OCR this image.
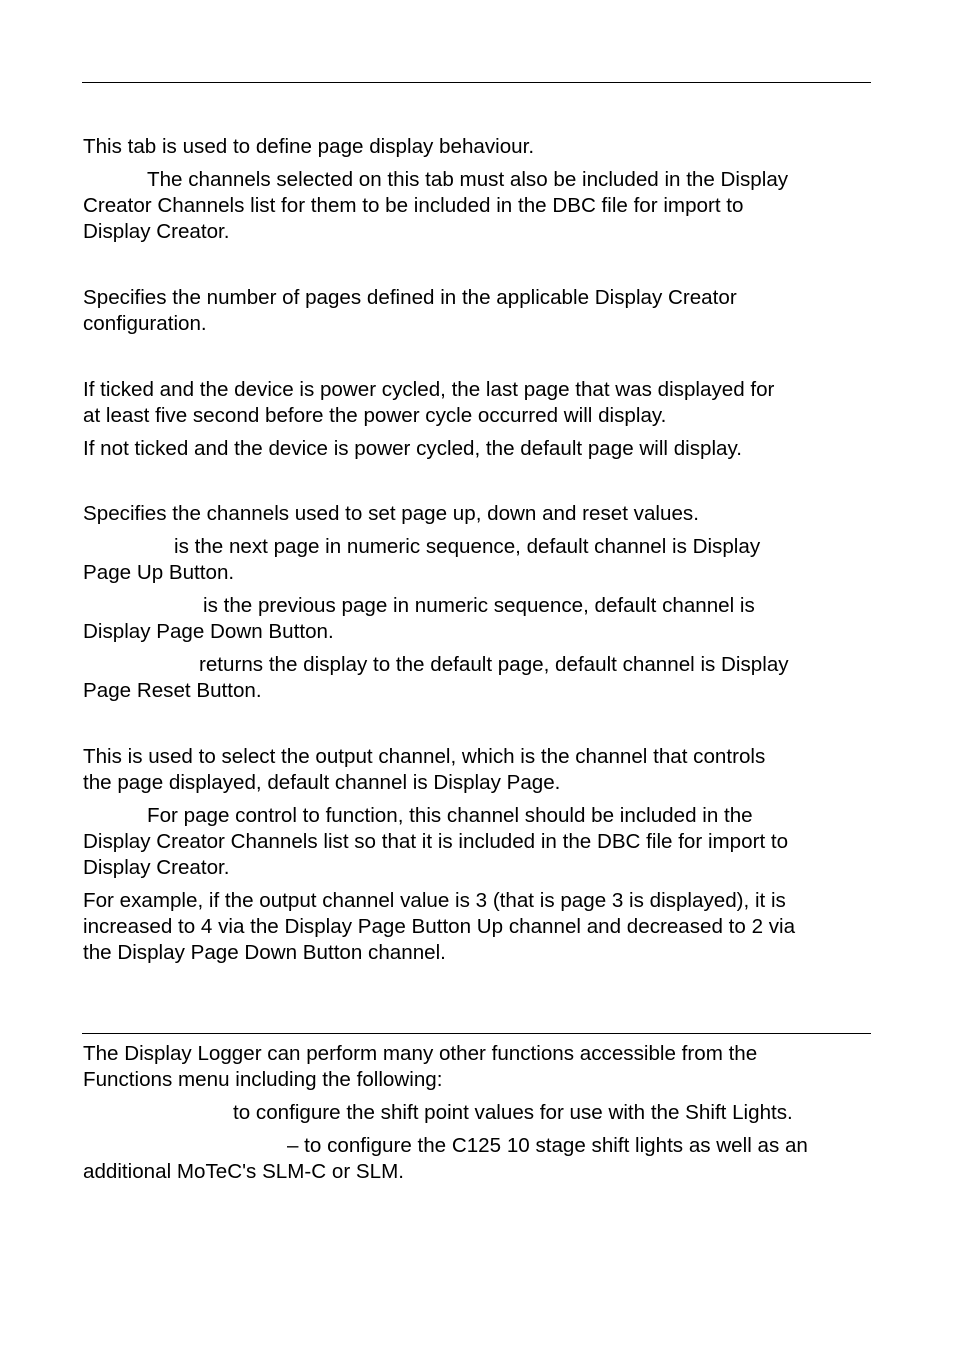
This tab is used to define page display behaviour.

The channels selected on this tab must also be included in the Display
Creator Channels list for them to be included in the DBC file for import to
Display Creator.

Specifies the number of pages defined in the applicable Display Creator
configuration.

If ticked and the device is power cycled, the last page that was displayed for
at least five second before the power cycle occurred will display.

If not ticked and the device is power cycled, the default page will display.

Specifies the channels used to set page up, down and reset values.

is the next page in numeric sequence, default channel is Display
Page Up Button.

is the previous page in numeric sequence, default channel is
Display Page Down Button.

returns the display to the default page, default channel is Display
Page Reset Button.

This is used to select the output channel, which is the channel that controls
the page displayed, default channel is Display Page.

For page control to function, this channel should be included in the
Display Creator Channels list so that it is included in the DBC file for import to
Display Creator.

For example, if the output channel value is 3 (that is page 3 is displayed), it is
increased to 4 via the Display Page Button Up channel and decreased to 2 via
the Display Page Down Button channel.

The Display Logger can perform many other functions accessible from the
Functions menu including the following:

to configure the shift point values for use with the Shift Lights.

– to configure the C125 10 stage shift lights as well as an
additional MoTeC's SLM-C or SLM.
